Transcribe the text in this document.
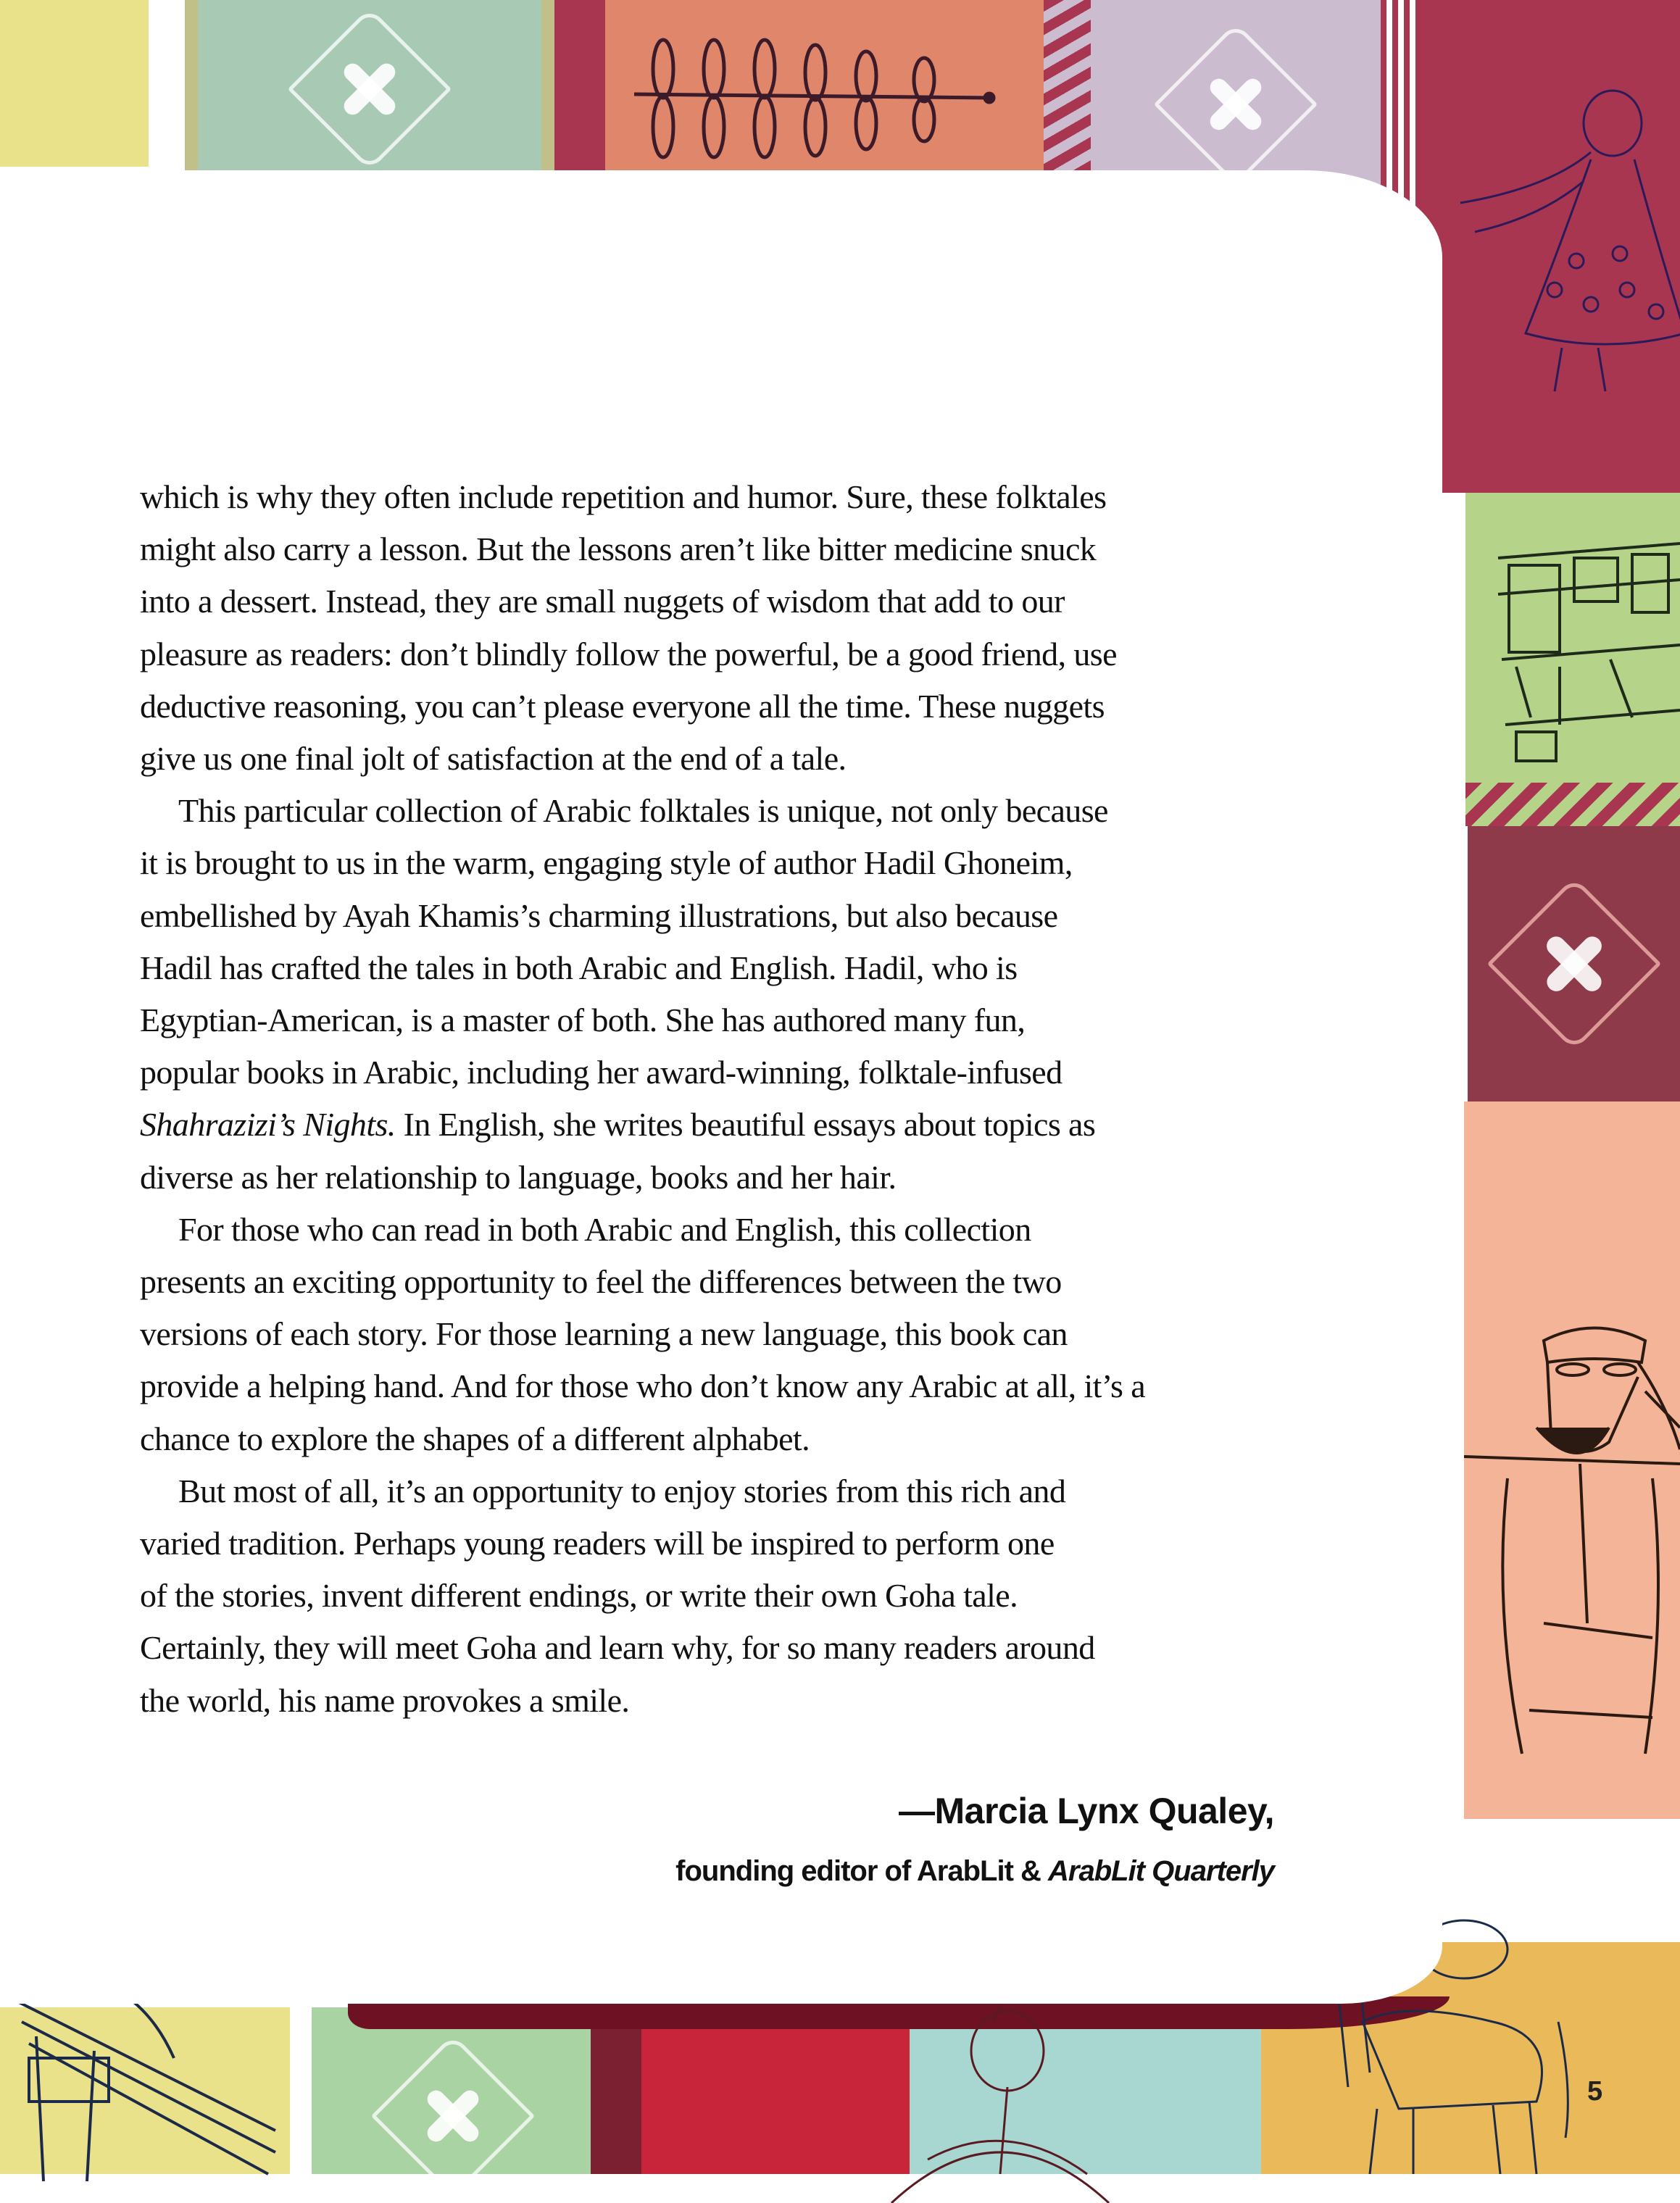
which is why they often include repetition and humor. Sure, these folktales
might also carry a lesson. But the lessons aren’t like bitter medicine snuck
into a dessert. Instead, they are small nuggets of wisdom that add to our
pleasure as readers: don’t blindly follow the powerful, be a good friend, use
deductive reasoning, you can’t please everyone all the time. These nuggets
give us one final jolt of satisfaction at the end of a tale.

This particular collection of Arabic folktales is unique, not only because
it is brought to us in the warm, engaging style of author Hadil Ghoneim,
embellished by Ayah Khamis’s charming illustrations, but also because
Hadil has crafted the tales in both Arabic and English. Hadil, who is
Egyptian-American, is a master of both. She has authored many fun,
popular books in Arabic, including her award-winning, folktale-infused
Shahrazizi’s Nights. In English, she writes beautiful essays about topics as
diverse as her relationship to language, books and her hair.

For those who can read in both Arabic and English, this collection
presents an exciting opportunity to feel the differences between the two
versions of each story. For those learning a new language, this book can
provide a helping hand. And for those who don’t know any Arabic at all, it’s a
chance to explore the shapes of a different alphabet.

But most of all, it’s an opportunity to enjoy stories from this rich and
varied tradition. Perhaps young readers will be inspired to perform one
of the stories, invent different endings, or write their own Goha tale.
Certainly, they will meet Goha and learn why, for so many readers around
the world, his name provokes a smile.

—Marcia Lynx Qualey,
founding editor of ArabLit & ArabLit Quarterly
5
